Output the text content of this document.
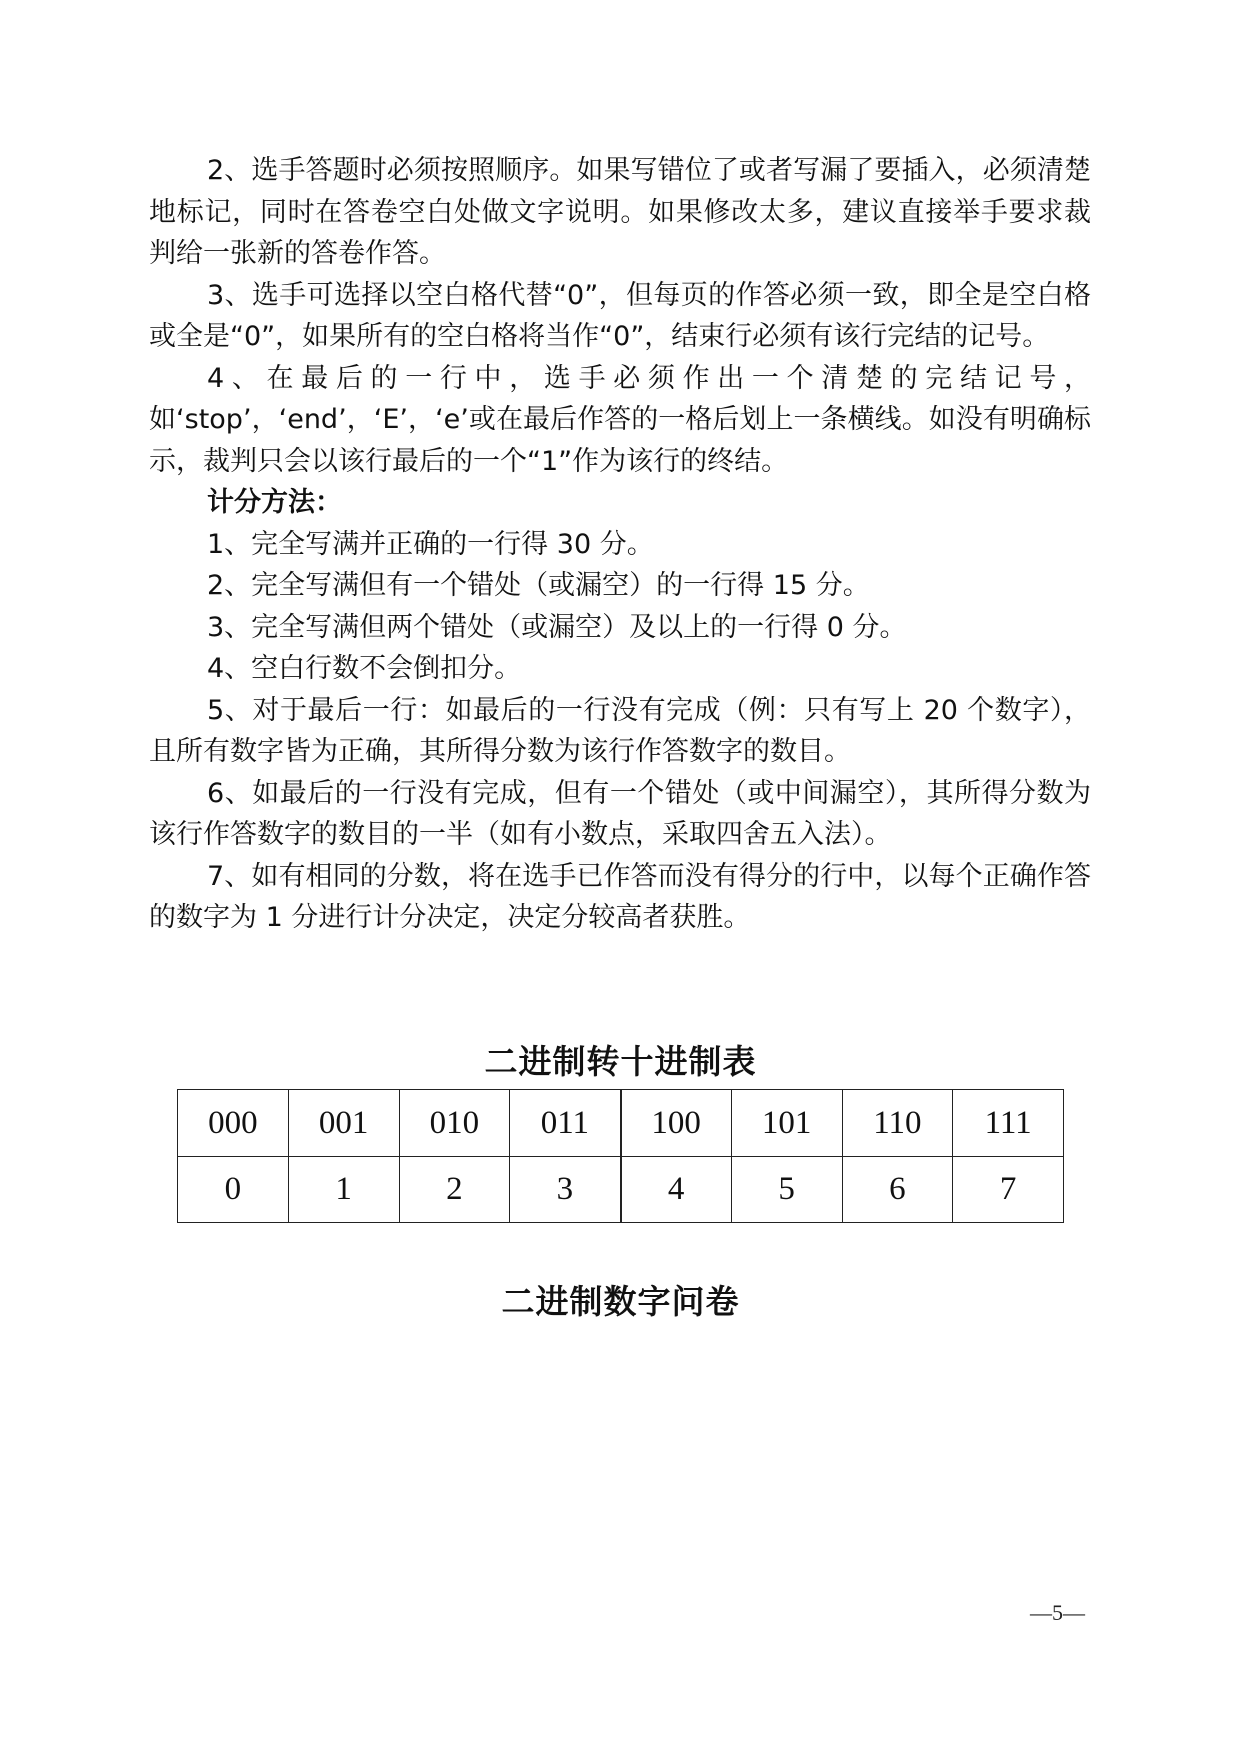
2、选手答题时必须按照顺序。如果写错位了或者写漏了要插入，必须清楚地标记，同时在答卷空白处做文字说明。如果修改太多，建议直接举手要求裁判给一张新的答卷作答。

3、选手可选择以空白格代替“0”，但每页的作答必须一致，即全是空白格或全是“0”，如果所有的空白格将当作“0”，结束行必须有该行完结的记号。

4、在最后的一行中，选手必须作出一个清楚的完结记号，如‘stop’，‘end’，‘E’，‘e’或在最后作答的一格后划上一条横线。如没有明确标示，裁判只会以该行最后的一个“1”作为该行的终结。

计分方法：

1、完全写满并正确的一行得 30 分。

2、完全写满但有一个错处（或漏空）的一行得 15 分。

3、完全写满但两个错处（或漏空）及以上的一行得 0 分。

4、空白行数不会倒扣分。

5、对于最后一行：如最后的一行没有完成（例：只有写上 20 个数字），且所有数字皆为正确，其所得分数为该行作答数字的数目。

6、如最后的一行没有完成，但有一个错处（或中间漏空），其所得分数为该行作答数字的数目的一半（如有小数点，采取四舍五入法）。

7、如有相同的分数，将在选手已作答而没有得分的行中，以每个正确作答的数字为 1 分进行计分决定，决定分较高者获胜。

二进制转十进制表
000	001	010	011	100	101	110	111
0	1	2	3	4	5	6	7
二进制数字问卷
—5—
